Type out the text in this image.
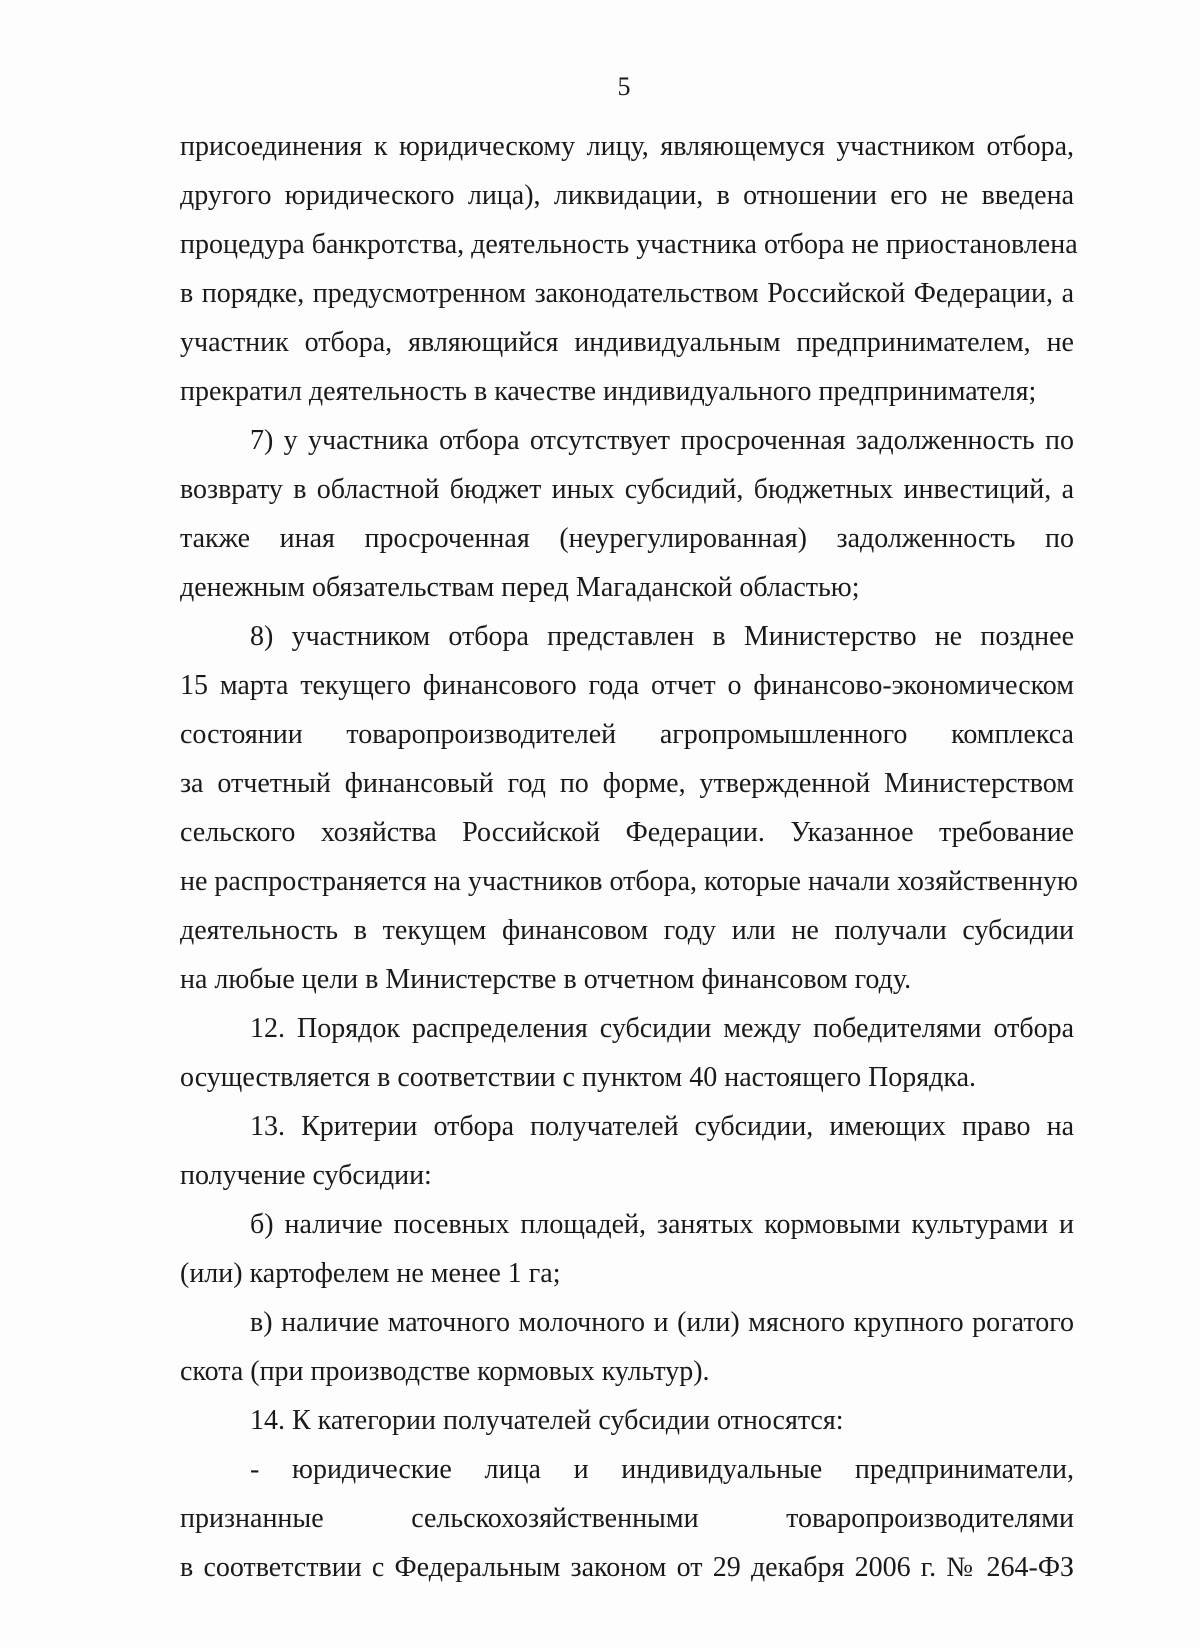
5
присоединения к юридическому лицу, являющемуся участником отбора,
другого юридического лица), ликвидации, в отношении его не введена
процедура банкротства, деятельность участника отбора не приостановлена
в порядке, предусмотренном законодательством Российской Федерации, а
участник отбора, являющийся индивидуальным предпринимателем, не
прекратил деятельность в качестве индивидуального предпринимателя;
7) у участника отбора отсутствует просроченная задолженность по
возврату в областной бюджет иных субсидий, бюджетных инвестиций, а
также иная просроченная (неурегулированная) задолженность по
денежным обязательствам перед Магаданской областью;
8) участником отбора представлен в Министерство не позднее
15 марта текущего финансового года отчет о финансово-экономическом
состоянии товаропроизводителей агропромышленного комплекса
за отчетный финансовый год по форме, утвержденной Министерством
сельского хозяйства Российской Федерации. Указанное требование
не распространяется на участников отбора, которые начали хозяйственную
деятельность в текущем финансовом году или не получали субсидии
на любые цели в Министерстве в отчетном финансовом году.
12. Порядок распределения субсидии между победителями отбора
осуществляется в соответствии с пунктом 40 настоящего Порядка.
13. Критерии отбора получателей субсидии, имеющих право на
получение субсидии:
б) наличие посевных площадей, занятых кормовыми культурами и
(или) картофелем не менее 1 га;
в) наличие маточного молочного и (или) мясного крупного рогатого
скота (при производстве кормовых культур).
14. К категории получателей субсидии относятся:
- юридические лица и индивидуальные предприниматели,
признанные сельскохозяйственными товаропроизводителями
в соответствии с Федеральным законом от 29 декабря 2006 г. № 264-ФЗ
